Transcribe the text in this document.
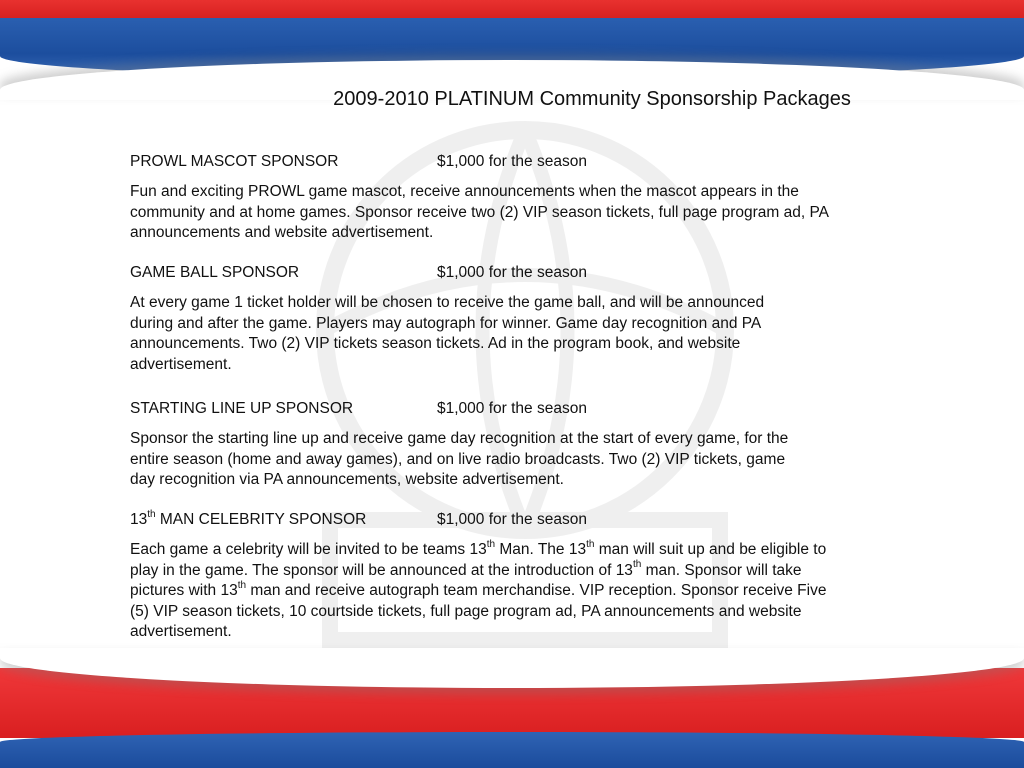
2009-2010 PLATINUM Community Sponsorship Packages
PROWL MASCOT SPONSOR	$1,000 for the season
Fun and exciting PROWL game mascot, receive announcements when the mascot appears in the
community and at home games. Sponsor receive two (2) VIP season tickets, full page program ad, PA
announcements and website advertisement.
GAME BALL SPONSOR	$1,000 for the season
At every game 1 ticket holder will be chosen to receive the game ball, and will be announced
during and after the game. Players may autograph for winner. Game day recognition and PA
announcements. Two (2) VIP tickets season tickets. Ad in the program book, and website
advertisement.
STARTING LINE UP SPONSOR	$1,000 for the season
Sponsor the starting line up and receive game day recognition at the start of every game, for the
entire season (home and away games), and on live radio broadcasts. Two (2) VIP tickets, game
day recognition via PA announcements, website advertisement.
13th MAN CELEBRITY SPONSOR	$1,000 for the season
Each game a celebrity will be invited to be teams 13th Man. The 13th man will suit up and be eligible to
play in the game. The sponsor will be announced at the introduction of 13th man. Sponsor will take
pictures with 13th man and receive autograph team merchandise. VIP reception. Sponsor receive Five
(5) VIP season tickets, 10 courtside tickets, full page program ad, PA announcements and website
advertisement.
